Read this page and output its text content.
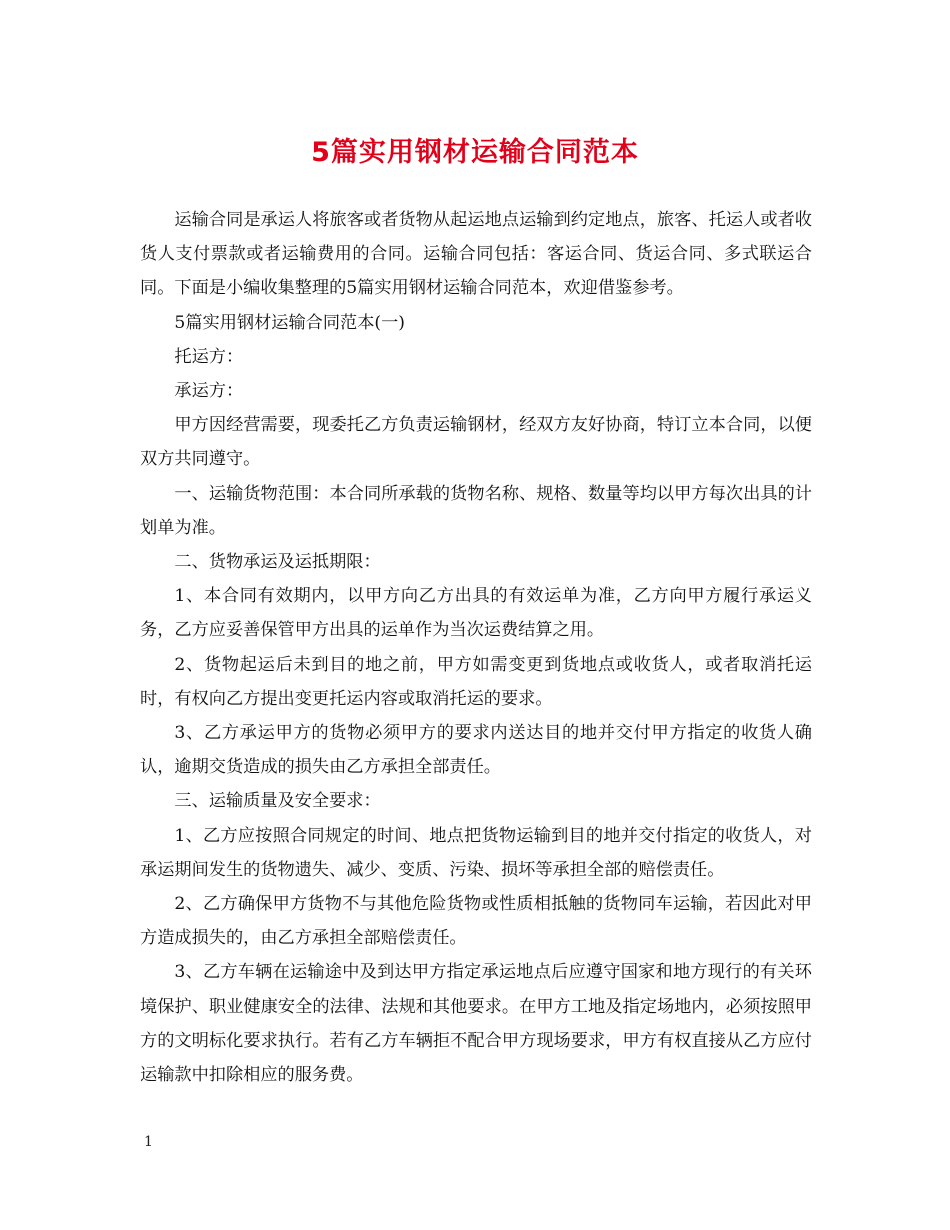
5篇实用钢材运输合同范本

运输合同是承运人将旅客或者货物从起运地点运输到约定地点，旅客、托运人或者收货人支付票款或者运输费用的合同。运输合同包括：客运合同、货运合同、多式联运合同。下面是小编收集整理的5篇实用钢材运输合同范本，欢迎借鉴参考。

5篇实用钢材运输合同范本(一)

托运方：

承运方：

甲方因经营需要，现委托乙方负责运输钢材，经双方友好协商，特订立本合同，以便双方共同遵守。

一、运输货物范围：本合同所承载的货物名称、规格、数量等均以甲方每次出具的计划单为准。

二、货物承运及运抵期限：

1、本合同有效期内，以甲方向乙方出具的有效运单为准，乙方向甲方履行承运义务，乙方应妥善保管甲方出具的运单作为当次运费结算之用。

2、货物起运后未到目的地之前，甲方如需变更到货地点或收货人，或者取消托运时，有权向乙方提出变更托运内容或取消托运的要求。

3、乙方承运甲方的货物必须甲方的要求内送达目的地并交付甲方指定的收货人确认，逾期交货造成的损失由乙方承担全部责任。

三、运输质量及安全要求：

1、乙方应按照合同规定的时间、地点把货物运输到目的地并交付指定的收货人，对承运期间发生的货物遗失、减少、变质、污染、损坏等承担全部的赔偿责任。

2、乙方确保甲方货物不与其他危险货物或性质相抵触的货物同车运输，若因此对甲方造成损失的，由乙方承担全部赔偿责任。

3、乙方车辆在运输途中及到达甲方指定承运地点后应遵守国家和地方现行的有关环境保护、职业健康安全的法律、法规和其他要求。在甲方工地及指定场地内，必须按照甲方的文明标化要求执行。若有乙方车辆拒不配合甲方现场要求，甲方有权直接从乙方应付运输款中扣除相应的服务费。

1
